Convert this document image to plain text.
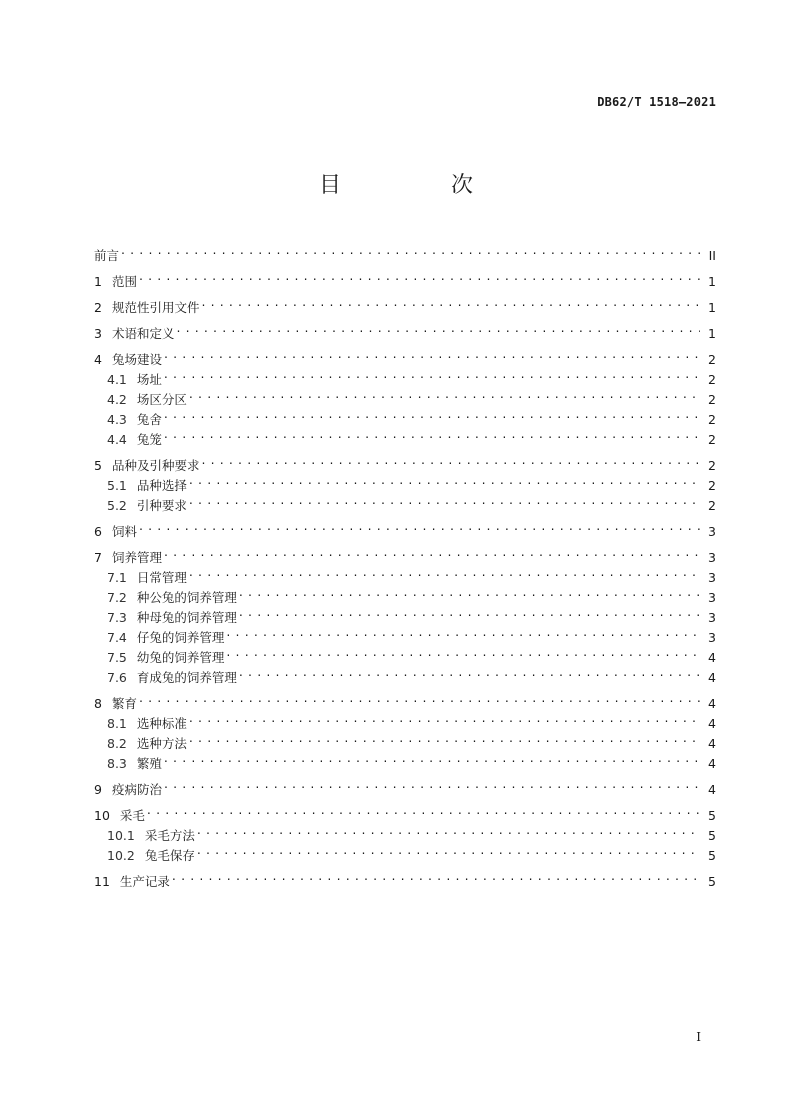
DB62/T 1518—2021
目　次
前言 . . .	II
1 范围 . . .	1
2 规范性引用文件 . . .	1
3 术语和定义 . . .	1
4 兔场建设 . . .	2
4.1 场址 . . .	2
4.2 场区分区 . . .	2
4.3 兔舍 . . .	2
4.4 兔笼 . . .	2
5 品种及引种要求 . . .	2
5.1 品种选择 . . .	2
5.2 引种要求 . . .	2
6 饲料 . . .	3
7 饲养管理 . . .	3
7.1 日常管理 . . .	3
7.2 种公兔的饲养管理 . . .	3
7.3 种母兔的饲养管理 . . .	3
7.4 仔兔的饲养管理 . . .	3
7.5 幼兔的饲养管理 . . .	4
7.6 育成兔的饲养管理 . . .	4
8 繁育 . . .	4
8.1 选种标准 . . .	4
8.2 选种方法 . . .	4
8.3 繁殖 . . .	4
9 疫病防治 . . .	4
10 采毛 . . .	5
10.1 采毛方法 . . .	5
10.2 兔毛保存 . . .	5
11 生产记录 . . .	5
I
